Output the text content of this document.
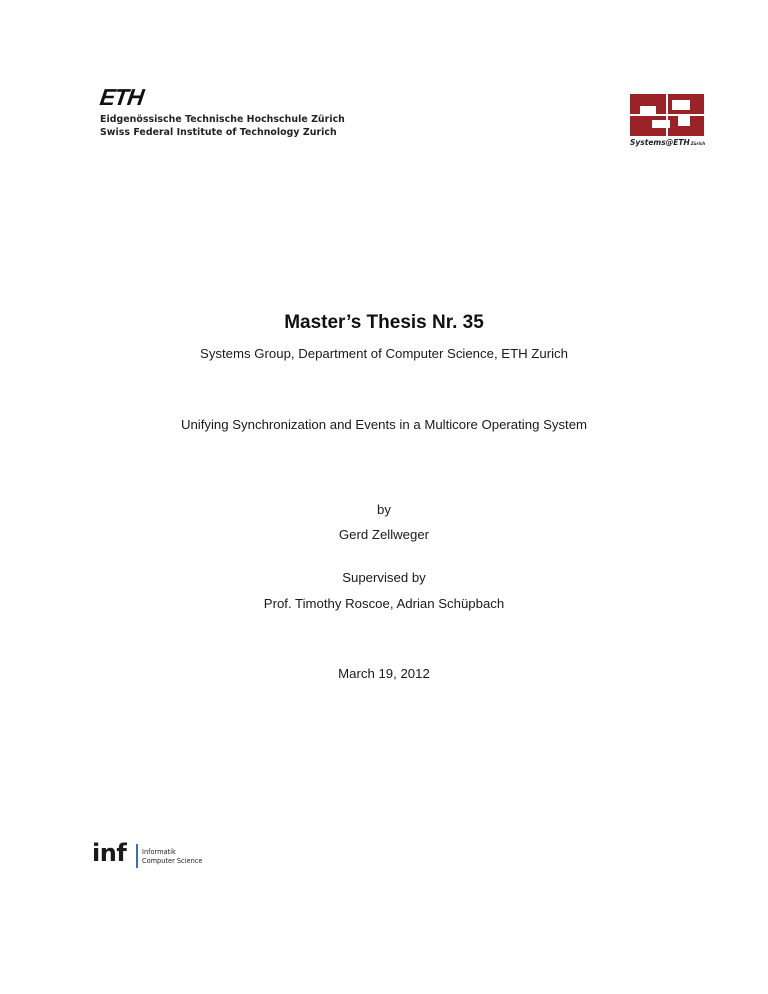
ETH
Eidgenössische Technische Hochschule Zürich
Swiss Federal Institute of Technology Zurich
Systems@ETHZürich
Master’s Thesis Nr. 35
Systems Group, Department of Computer Science, ETH Zurich
Unifying Synchronization and Events in a Multicore Operating System
by
Gerd Zellweger
Supervised by
Prof. Timothy Roscoe, Adrian Schüpbach
March 19, 2012
inf Informatik
Computer Science
